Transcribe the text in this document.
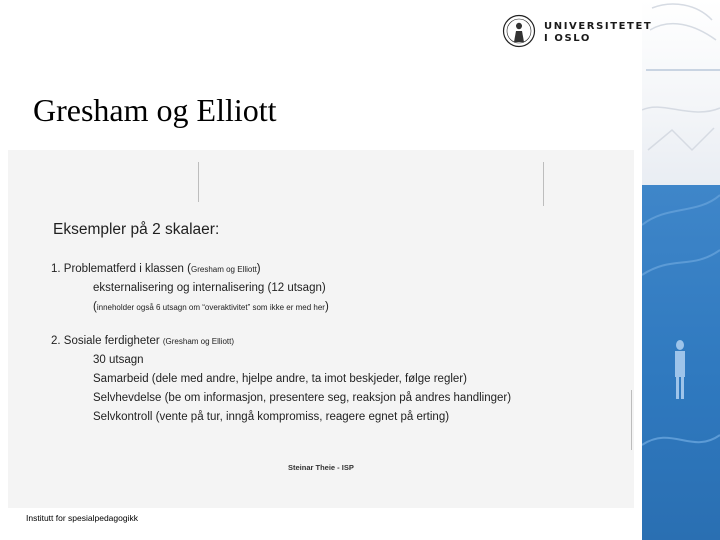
UNIVERSITETET
I OSLO
Gresham og Elliott
Eksempler på 2 skalaer:
1. Problematferd i klassen (Gresham og Elliott)
eksternalisering og internalisering (12 utsagn)
(inneholder også 6 utsagn om “overaktivitet” som ikke er med her)
2. Sosiale ferdigheter (Gresham og Elliott)
30 utsagn
Samarbeid (dele med andre, hjelpe andre, ta imot beskjeder, følge regler)
Selvhevdelse (be om informasjon, presentere seg, reaksjon på andres handlinger)
Selvkontroll (vente på tur, inngå kompromiss, reagere egnet på erting)
Steinar Theie - ISP
Institutt for spesialpedagogikk
